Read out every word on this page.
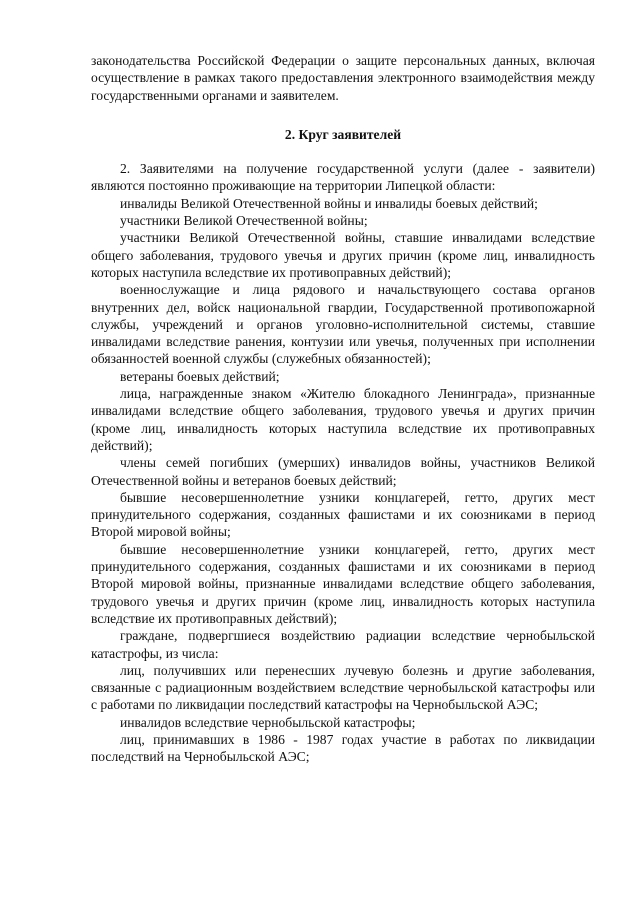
законодательства Российской Федерации о защите персональных данных, включая осуществление в рамках такого предоставления электронного взаимодействия между государственными органами и заявителем.

2. Круг заявителей

2. Заявителями на получение государственной услуги (далее - заявители) являются постоянно проживающие на территории Липецкой области:

инвалиды Великой Отечественной войны и инвалиды боевых действий;

участники Великой Отечественной войны;

участники Великой Отечественной войны, ставшие инвалидами вследствие общего заболевания, трудового увечья и других причин (кроме лиц, инвалидность которых наступила вследствие их противоправных действий);

военнослужащие и лица рядового и начальствующего состава органов внутренних дел, войск национальной гвардии, Государственной противопожарной службы, учреждений и органов уголовно-исполнительной системы, ставшие инвалидами вследствие ранения, контузии или увечья, полученных при исполнении обязанностей военной службы (служебных обязанностей);

ветераны боевых действий;

лица, награжденные знаком «Жителю блокадного Ленинграда», признанные инвалидами вследствие общего заболевания, трудового увечья и других причин (кроме лиц, инвалидность которых наступила вследствие их противоправных действий);

члены семей погибших (умерших) инвалидов войны, участников Великой Отечественной войны и ветеранов боевых действий;

бывшие несовершеннолетние узники концлагерей, гетто, других мест принудительного содержания, созданных фашистами и их союзниками в период Второй мировой войны;

бывшие несовершеннолетние узники концлагерей, гетто, других мест принудительного содержания, созданных фашистами и их союзниками в период Второй мировой войны, признанные инвалидами вследствие общего заболевания, трудового увечья и других причин (кроме лиц, инвалидность которых наступила вследствие их противоправных действий);

граждане, подвергшиеся воздействию радиации вследствие чернобыльской катастрофы, из числа:

лиц, получивших или перенесших лучевую болезнь и другие заболевания, связанные с радиационным воздействием вследствие чернобыльской катастрофы или с работами по ликвидации последствий катастрофы на Чернобыльской АЭС;

инвалидов вследствие чернобыльской катастрофы;

лиц, принимавших в 1986 - 1987 годах участие в работах по ликвидации последствий на Чернобыльской АЭС;
